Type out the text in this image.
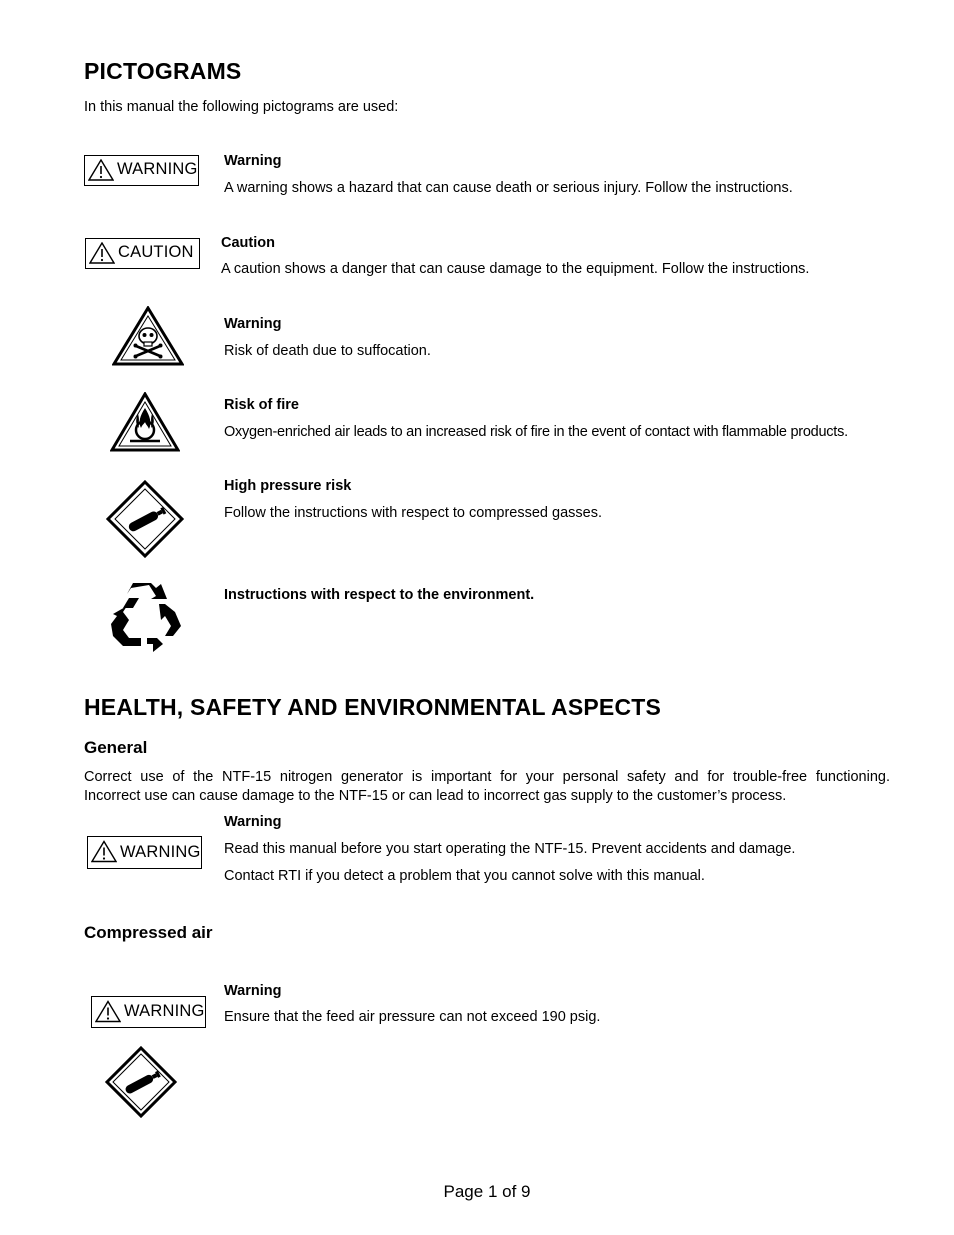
PICTOGRAMS
In this manual the following pictograms are used:
WARNING Warning
A warning shows a hazard that can cause death or serious injury. Follow the instructions.
CAUTION Caution
A caution shows a danger that can cause damage to the equipment. Follow the instructions.
Warning
Risk of death due to suffocation.
Risk of fire
Oxygen-enriched air leads to an increased risk of fire in the event of contact with flammable products.
High pressure risk
Follow the instructions with respect to compressed gasses.
Instructions with respect to the environment.
HEALTH, SAFETY AND ENVIRONMENTAL ASPECTS
General
Correct use of the NTF-15 nitrogen generator is important for your personal safety and for trouble-free functioning.
Incorrect use can cause damage to the NTF-15 or can lead to incorrect gas supply to the customer’s process.
WARNING
Warning
Read this manual before you start operating the NTF-15. Prevent accidents and damage.
Contact RTI if you detect a problem that you cannot solve with this manual.
Compressed air
WARNING
Warning
Ensure that the feed air pressure can not exceed 190 psig.
Page 1 of 9
